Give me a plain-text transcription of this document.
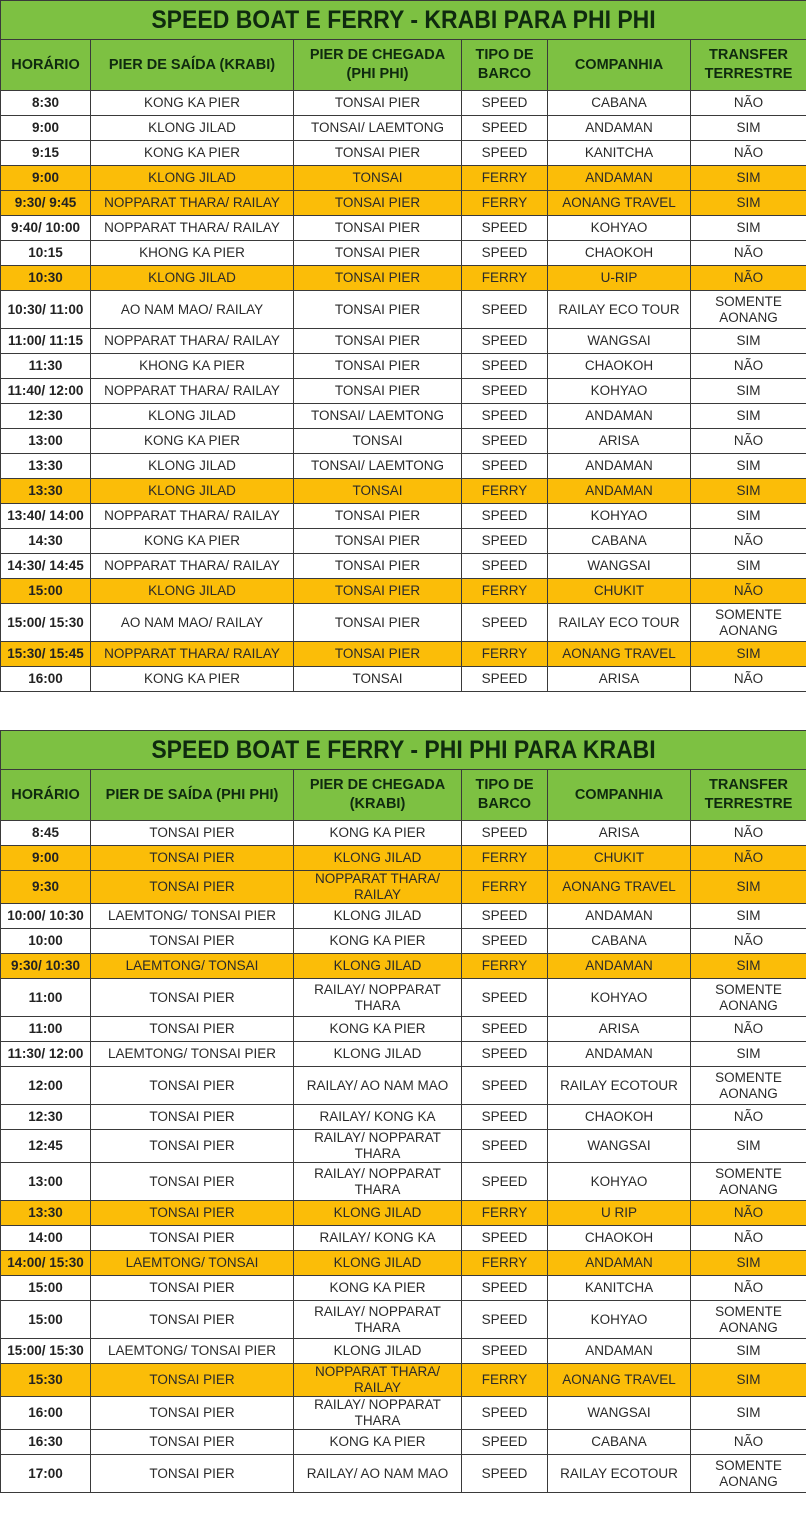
SPEED BOAT E FERRY - KRABI PARA PHI PHI					

HORÁRIO	PIER DE SAÍDA (KRABI)	PIER DE CHEGADA (PHI PHI)	TIPO DE BARCO	COMPANHIA	TRANSFER TERRESTRE
8:30	KONG KA PIER	TONSAI PIER	SPEED	CABANA	NÃO
9:00	KLONG JILAD	TONSAI/ LAEMTONG	SPEED	ANDAMAN	SIM
9:15	KONG KA PIER	TONSAI PIER	SPEED	KANITCHA	NÃO
9:00	KLONG JILAD	TONSAI	FERRY	ANDAMAN	SIM
9:30/ 9:45	NOPPARAT THARA/ RAILAY	TONSAI PIER	FERRY	AONANG TRAVEL	SIM
9:40/ 10:00	NOPPARAT THARA/ RAILAY	TONSAI PIER	SPEED	KOHYAO	SIM
10:15	KHONG KA PIER	TONSAI PIER	SPEED	CHAOKOH	NÃO
10:30	KLONG JILAD	TONSAI PIER	FERRY	U-RIP	NÃO
10:30/ 11:00	AO NAM MAO/ RAILAY	TONSAI PIER	SPEED	RAILAY ECO TOUR	SOMENTE AONANG
11:00/ 11:15	NOPPARAT THARA/ RAILAY	TONSAI PIER	SPEED	WANGSAI	SIM
11:30	KHONG KA PIER	TONSAI PIER	SPEED	CHAOKOH	NÃO
11:40/ 12:00	NOPPARAT THARA/ RAILAY	TONSAI PIER	SPEED	KOHYAO	SIM
12:30	KLONG JILAD	TONSAI/ LAEMTONG	SPEED	ANDAMAN	SIM
13:00	KONG KA PIER	TONSAI	SPEED	ARISA	NÃO
13:30	KLONG JILAD	TONSAI/ LAEMTONG	SPEED	ANDAMAN	SIM
13:30	KLONG JILAD	TONSAI	FERRY	ANDAMAN	SIM
13:40/ 14:00	NOPPARAT THARA/ RAILAY	TONSAI PIER	SPEED	KOHYAO	SIM
14:30	KONG KA PIER	TONSAI PIER	SPEED	CABANA	NÃO
14:30/ 14:45	NOPPARAT THARA/ RAILAY	TONSAI PIER	SPEED	WANGSAI	SIM
15:00	KLONG JILAD	TONSAI PIER	FERRY	CHUKIT	NÃO
15:00/ 15:30	AO NAM MAO/ RAILAY	TONSAI PIER	SPEED	RAILAY ECO TOUR	SOMENTE AONANG
15:30/ 15:45	NOPPARAT THARA/ RAILAY	TONSAI PIER	FERRY	AONANG TRAVEL	SIM
16:00	KONG KA PIER	TONSAI	SPEED	ARISA	NÃO
SPEED BOAT E FERRY - PHI PHI PARA KRABI					

HORÁRIO	PIER DE SAÍDA (PHI PHI)	PIER DE CHEGADA (KRABI)	TIPO DE BARCO	COMPANHIA	TRANSFER TERRESTRE
8:45	TONSAI PIER	KONG KA PIER	SPEED	ARISA	NÃO
9:00	TONSAI PIER	KLONG JILAD	FERRY	CHUKIT	NÃO
9:30	TONSAI PIER	NOPPARAT THARA/ RAILAY	FERRY	AONANG TRAVEL	SIM
10:00/ 10:30	LAEMTONG/ TONSAI PIER	KLONG JILAD	SPEED	ANDAMAN	SIM
10:00	TONSAI PIER	KONG KA PIER	SPEED	CABANA	NÃO
9:30/ 10:30	LAEMTONG/ TONSAI	KLONG JILAD	FERRY	ANDAMAN	SIM
11:00	TONSAI PIER	RAILAY/ NOPPARAT THARA	SPEED	KOHYAO	SOMENTE AONANG
11:00	TONSAI PIER	KONG KA PIER	SPEED	ARISA	NÃO
11:30/ 12:00	LAEMTONG/ TONSAI PIER	KLONG JILAD	SPEED	ANDAMAN	SIM
12:00	TONSAI PIER	RAILAY/ AO NAM MAO	SPEED	RAILAY ECOTOUR	SOMENTE AONANG
12:30	TONSAI PIER	RAILAY/ KONG KA	SPEED	CHAOKOH	NÃO
12:45	TONSAI PIER	RAILAY/ NOPPARAT THARA	SPEED	WANGSAI	SIM
13:00	TONSAI PIER	RAILAY/ NOPPARAT THARA	SPEED	KOHYAO	SOMENTE AONANG
13:30	TONSAI PIER	KLONG JILAD	FERRY	U RIP	NÃO
14:00	TONSAI PIER	RAILAY/ KONG KA	SPEED	CHAOKOH	NÃO
14:00/ 15:30	LAEMTONG/ TONSAI	KLONG JILAD	FERRY	ANDAMAN	SIM
15:00	TONSAI PIER	KONG KA PIER	SPEED	KANITCHA	NÃO
15:00	TONSAI PIER	RAILAY/ NOPPARAT THARA	SPEED	KOHYAO	SOMENTE AONANG
15:00/ 15:30	LAEMTONG/ TONSAI PIER	KLONG JILAD	SPEED	ANDAMAN	SIM
15:30	TONSAI PIER	NOPPARAT THARA/ RAILAY	FERRY	AONANG TRAVEL	SIM
16:00	TONSAI PIER	RAILAY/ NOPPARAT THARA	SPEED	WANGSAI	SIM
16:30	TONSAI PIER	KONG KA PIER	SPEED	CABANA	NÃO
17:00	TONSAI PIER	RAILAY/ AO NAM MAO	SPEED	RAILAY ECOTOUR	SOMENTE AONANG
